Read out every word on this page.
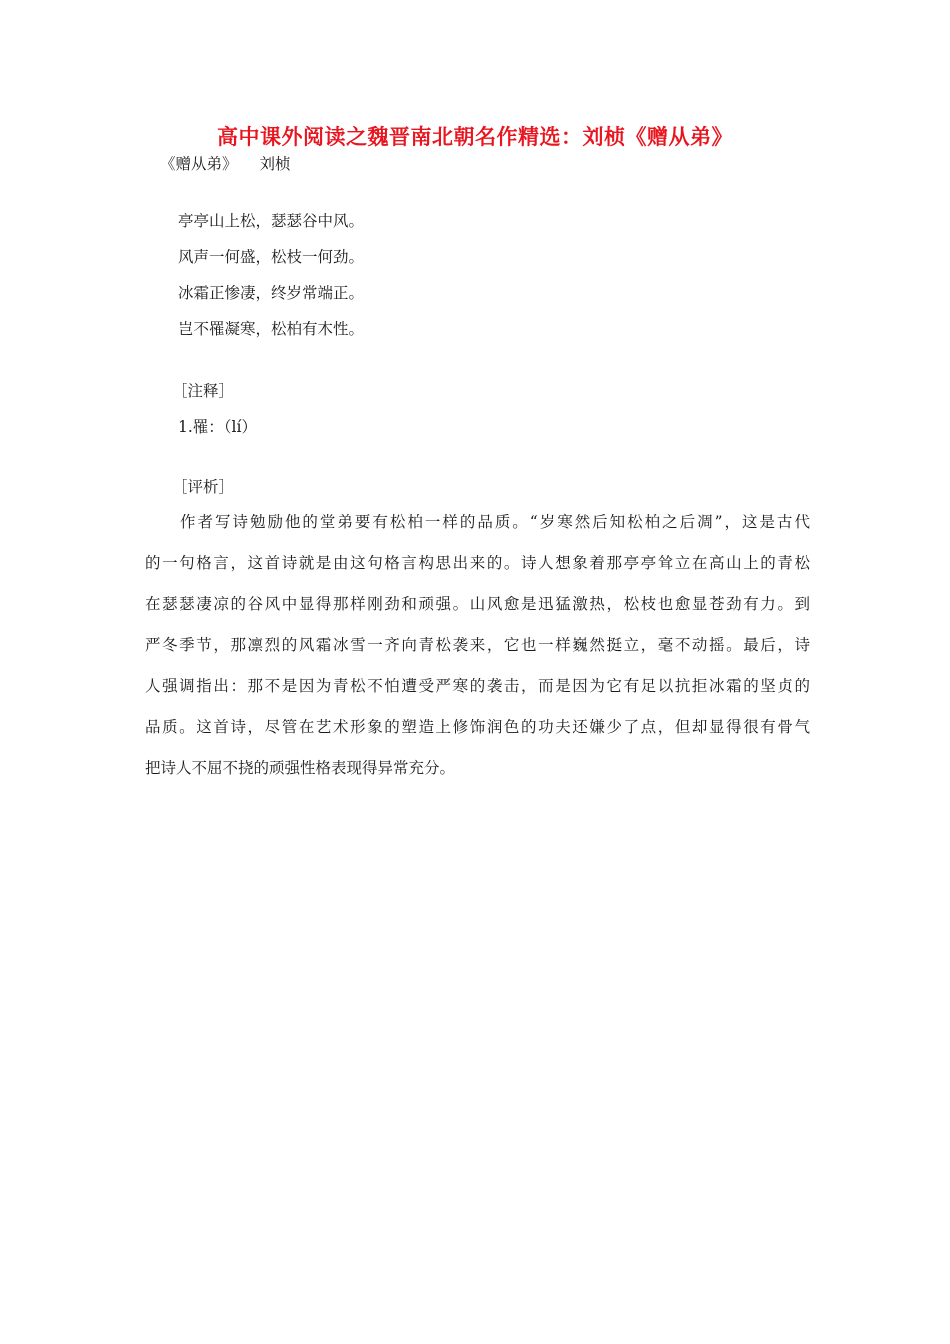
高中课外阅读之魏晋南北朝名作精选：刘桢《赠从弟》
《赠从弟》 刘桢
亭亭山上松，瑟瑟谷中风。
风声一何盛，松枝一何劲。
冰霜正惨凄，终岁常端正。
岂不罹凝寒，松柏有木性。
［注释］
1.罹：（lí）
［评析］
作者写诗勉励他的堂弟要有松柏一样的品质。“岁寒然后知松柏之后凋”，这是古代
的一句格言，这首诗就是由这句格言构思出来的。诗人想象着那亭亭耸立在高山上的青松
在瑟瑟凄凉的谷风中显得那样刚劲和顽强。山风愈是迅猛激热，松枝也愈显苍劲有力。到
严冬季节，那凛烈的风霜冰雪一齐向青松袭来，它也一样巍然挺立，毫不动摇。最后，诗
人强调指出：那不是因为青松不怕遭受严寒的袭击，而是因为它有足以抗拒冰霜的坚贞的
品质。这首诗，尽管在艺术形象的塑造上修饰润色的功夫还嫌少了点，但却显得很有骨气
把诗人不屈不挠的顽强性格表现得异常充分。
